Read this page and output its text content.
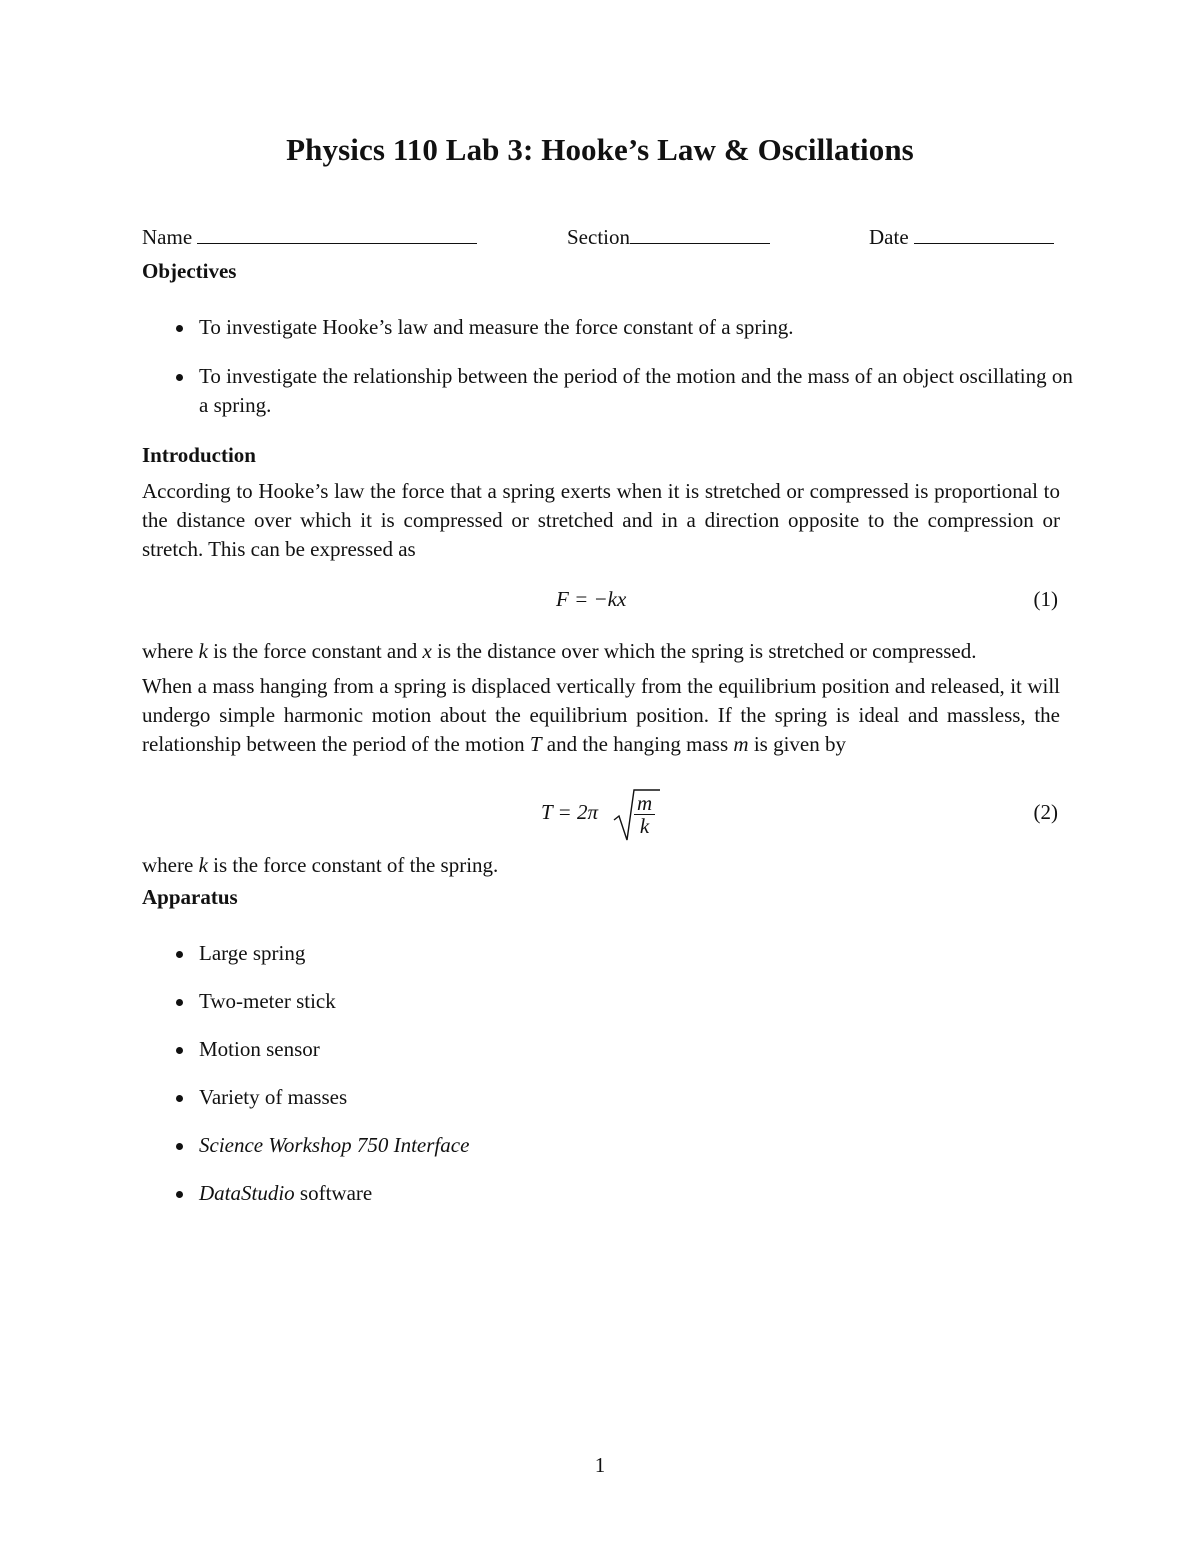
Physics 110 Lab 3: Hooke’s Law & Oscillations
Name	Section	Date
Objectives
To investigate Hooke’s law and measure the force constant of a spring.
To investigate the relationship between the period of the motion and the mass of an object oscillating on a spring.
Introduction

According to Hooke’s law the force that a spring exerts when it is stretched or compressed is proportional to the distance over which it is compressed or stretched and in a direction opposite to the compression or stretch. This can be expressed as

F = −kx	(1)

where k is the force constant and x is the distance over which the spring is stretched or compressed.

When a mass hanging from a spring is displaced vertically from the equilibrium position and released, it will undergo simple harmonic motion about the equilibrium position. If the spring is ideal and massless, the relationship between the period of the motion T and the hanging mass m is given by

$T = 2\pi \frac{m}{k}$	(2)

where k is the force constant of the spring.

Apparatus
Large spring
Two-meter stick
Motion sensor
Variety of masses
Science Workshop 750 Interface
DataStudio software
1
